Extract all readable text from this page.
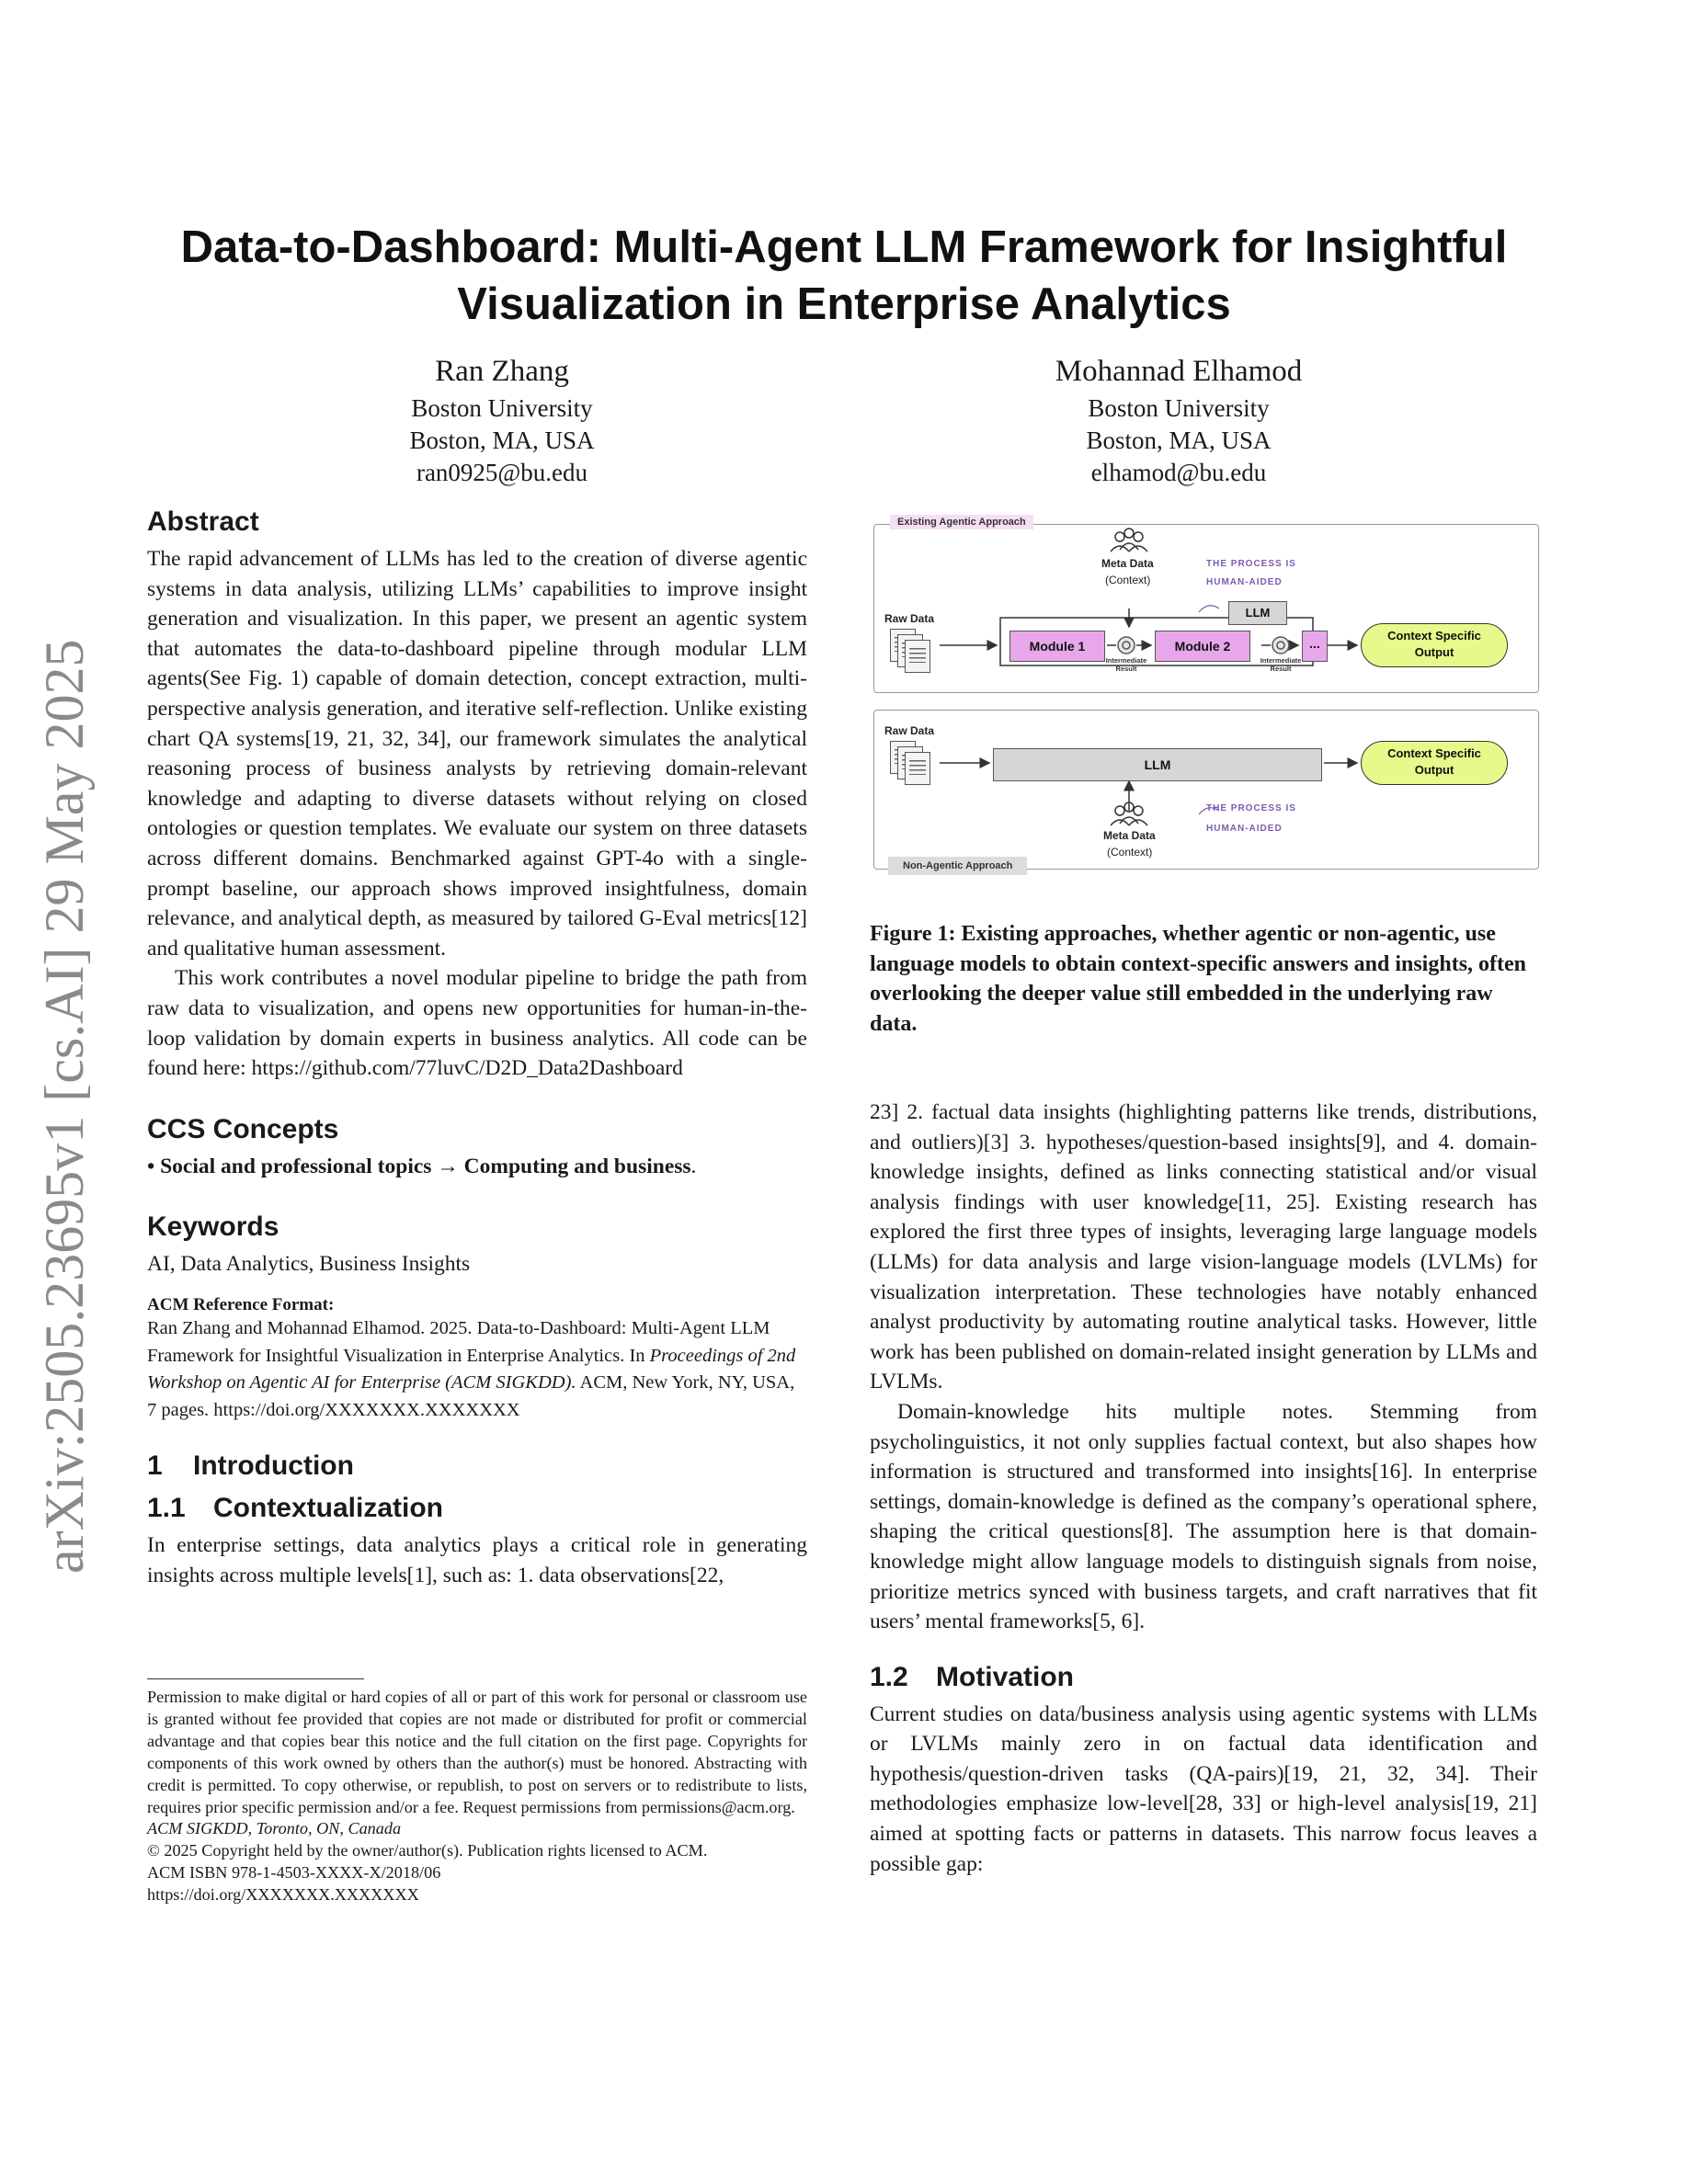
arXiv:2505.23695v1 [cs.AI] 29 May 2025
Data-to-Dashboard: Multi-Agent LLM Framework for Insightful Visualization in Enterprise Analytics
Ran Zhang
Boston University
Boston, MA, USA
ran0925@bu.edu
Mohannad Elhamod
Boston University
Boston, MA, USA
elhamod@bu.edu
Abstract

The rapid advancement of LLMs has led to the creation of diverse agentic systems in data analysis, utilizing LLMs’ capabilities to improve insight generation and visualization. In this paper, we present an agentic system that automates the data-to-dashboard pipeline through modular LLM agents(See Fig. 1) capable of domain detection, concept extraction, multi-perspective analysis generation, and iterative self-reflection. Unlike existing chart QA systems[19, 21, 32, 34], our framework simulates the analytical reasoning process of business analysts by retrieving domain-relevant knowledge and adapting to diverse datasets without relying on closed ontologies or question templates. We evaluate our system on three datasets across different domains. Benchmarked against GPT-4o with a single-prompt baseline, our approach shows improved insightfulness, domain relevance, and analytical depth, as measured by tailored G-Eval metrics[12] and qualitative human assessment.

This work contributes a novel modular pipeline to bridge the path from raw data to visualization, and opens new opportunities for human-in-the-loop validation by domain experts in business analytics. All code can be found here: https://github.com/77luvC/D2D_Data2Dashboard

CCS Concepts

• Social and professional topics → Computing and business.

Keywords

AI, Data Analytics, Business Insights

ACM Reference Format:

Ran Zhang and Mohannad Elhamod. 2025. Data-to-Dashboard: Multi-Agent LLM Framework for Insightful Visualization in Enterprise Analytics. In Proceedings of 2nd Workshop on Agentic AI for Enterprise (ACM SIGKDD). ACM, New York, NY, USA, 7 pages. https://doi.org/XXXXXXX.XXXXXXX

1 Introduction
1.1 Contextualization

In enterprise settings, data analytics plays a critical role in generating insights across multiple levels[1], such as: 1. data observations[22,

Permission to make digital or hard copies of all or part of this work for personal or classroom use is granted without fee provided that copies are not made or distributed for profit or commercial advantage and that copies bear this notice and the full citation on the first page. Copyrights for components of this work owned by others than the author(s) must be honored. Abstracting with credit is permitted. To copy otherwise, or republish, to post on servers or to redistribute to lists, requires prior specific permission and/or a fee. Request permissions from permissions@acm.org.

ACM SIGKDD, Toronto, ON, Canada

© 2025 Copyright held by the owner/author(s). Publication rights licensed to ACM.

ACM ISBN 978-1-4503-XXXX-X/2018/06

https://doi.org/XXXXXXX.XXXXXXX

Existing Agentic Approach
Non-Agentic Approach
Raw Data
Meta Data
(Context)
THE PROCESS IS
HUMAN-AIDED
Module 1	Module 2
LLM
...
Intermediate
Result
Intermediate
Result
Context Specific
Output
Raw Data
LLM
Context Specific
Output
Meta Data
(Context)
THE PROCESS IS
HUMAN-AIDED
Figure 1: Existing approaches, whether agentic or non-agentic, use language models to obtain context-specific answers and insights, often overlooking the deeper value still embedded in the underlying raw data.

23] 2. factual data insights (highlighting patterns like trends, distributions, and outliers)[3] 3. hypotheses/question-based insights[9], and 4. domain-knowledge insights, defined as links connecting statistical and/or visual analysis findings with user knowledge[11, 25]. Existing research has explored the first three types of insights, leveraging large language models (LLMs) for data analysis and large vision-language models (LVLMs) for visualization interpretation. These technologies have notably enhanced analyst productivity by automating routine analytical tasks. However, little work has been published on domain-related insight generation by LLMs and LVLMs.

Domain-knowledge hits multiple notes. Stemming from psycholinguistics, it not only supplies factual context, but also shapes how information is structured and transformed into insights[16]. In enterprise settings, domain-knowledge is defined as the company’s operational sphere, shaping the critical questions[8]. The assumption here is that domain-knowledge might allow language models to distinguish signals from noise, prioritize metrics synced with business targets, and craft narratives that fit users’ mental frameworks[5, 6].

1.2 Motivation

Current studies on data/business analysis using agentic systems with LLMs or LVLMs mainly zero in on factual data identification and hypothesis/question-driven tasks (QA-pairs)[19, 21, 32, 34]. Their methodologies emphasize low-level[28, 33] or high-level analysis[19, 21] aimed at spotting facts or patterns in datasets. This narrow focus leaves a possible gap:
